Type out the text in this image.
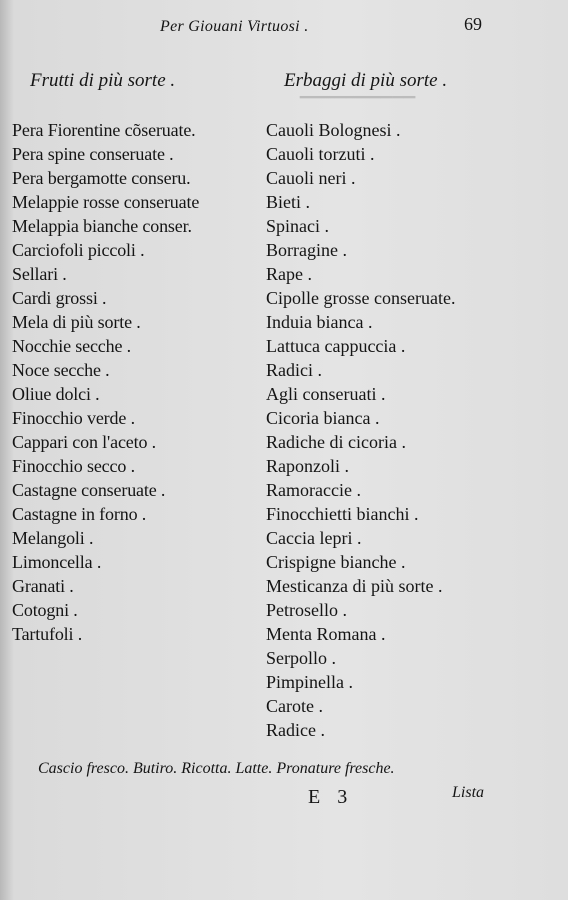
▔▔▔▔▔▔▔▔▔▔
Per Giouani Virtuosi .	69
Frutti di più sorte .	Erbaggi di più sorte .
Pera Fiorentine cõseruate.
Pera spine conseruate .
Pera bergamotte conseru.
Melappie rosse conseruate
Melappia bianche conser.
Carciofoli piccoli .
Sellari .
Cardi grossi .
Mela di più sorte .
Nocchie secche .
Noce secche .
Oliue dolci .
Finocchio verde .
Cappari con l'aceto .
Finocchio secco .
Castagne conseruate .
Castagne in forno .
Melangoli .
Limoncella .
Granati .
Cotogni .
Tartufoli .
Cauoli Bolognesi .
Cauoli torzuti .
Cauoli neri .
Bieti .
Spinaci .
Borragine .
Rape .
Cipolle grosse conseruate.
Induia bianca .
Lattuca cappuccia .
Radici .
Agli conseruati .
Cicoria bianca .
Radiche di cicoria .
Raponzoli .
Ramoraccie .
Finocchietti bianchi .
Caccia lepri .
Crispigne bianche .
Mesticanza di più sorte .
Petrosello .
Menta Romana .
Serpollo .
Pimpinella .
Carote .
Radice .
Cascio fresco. Butiro. Ricotta. Latte. Pronature fresche.
E 3	Lista
